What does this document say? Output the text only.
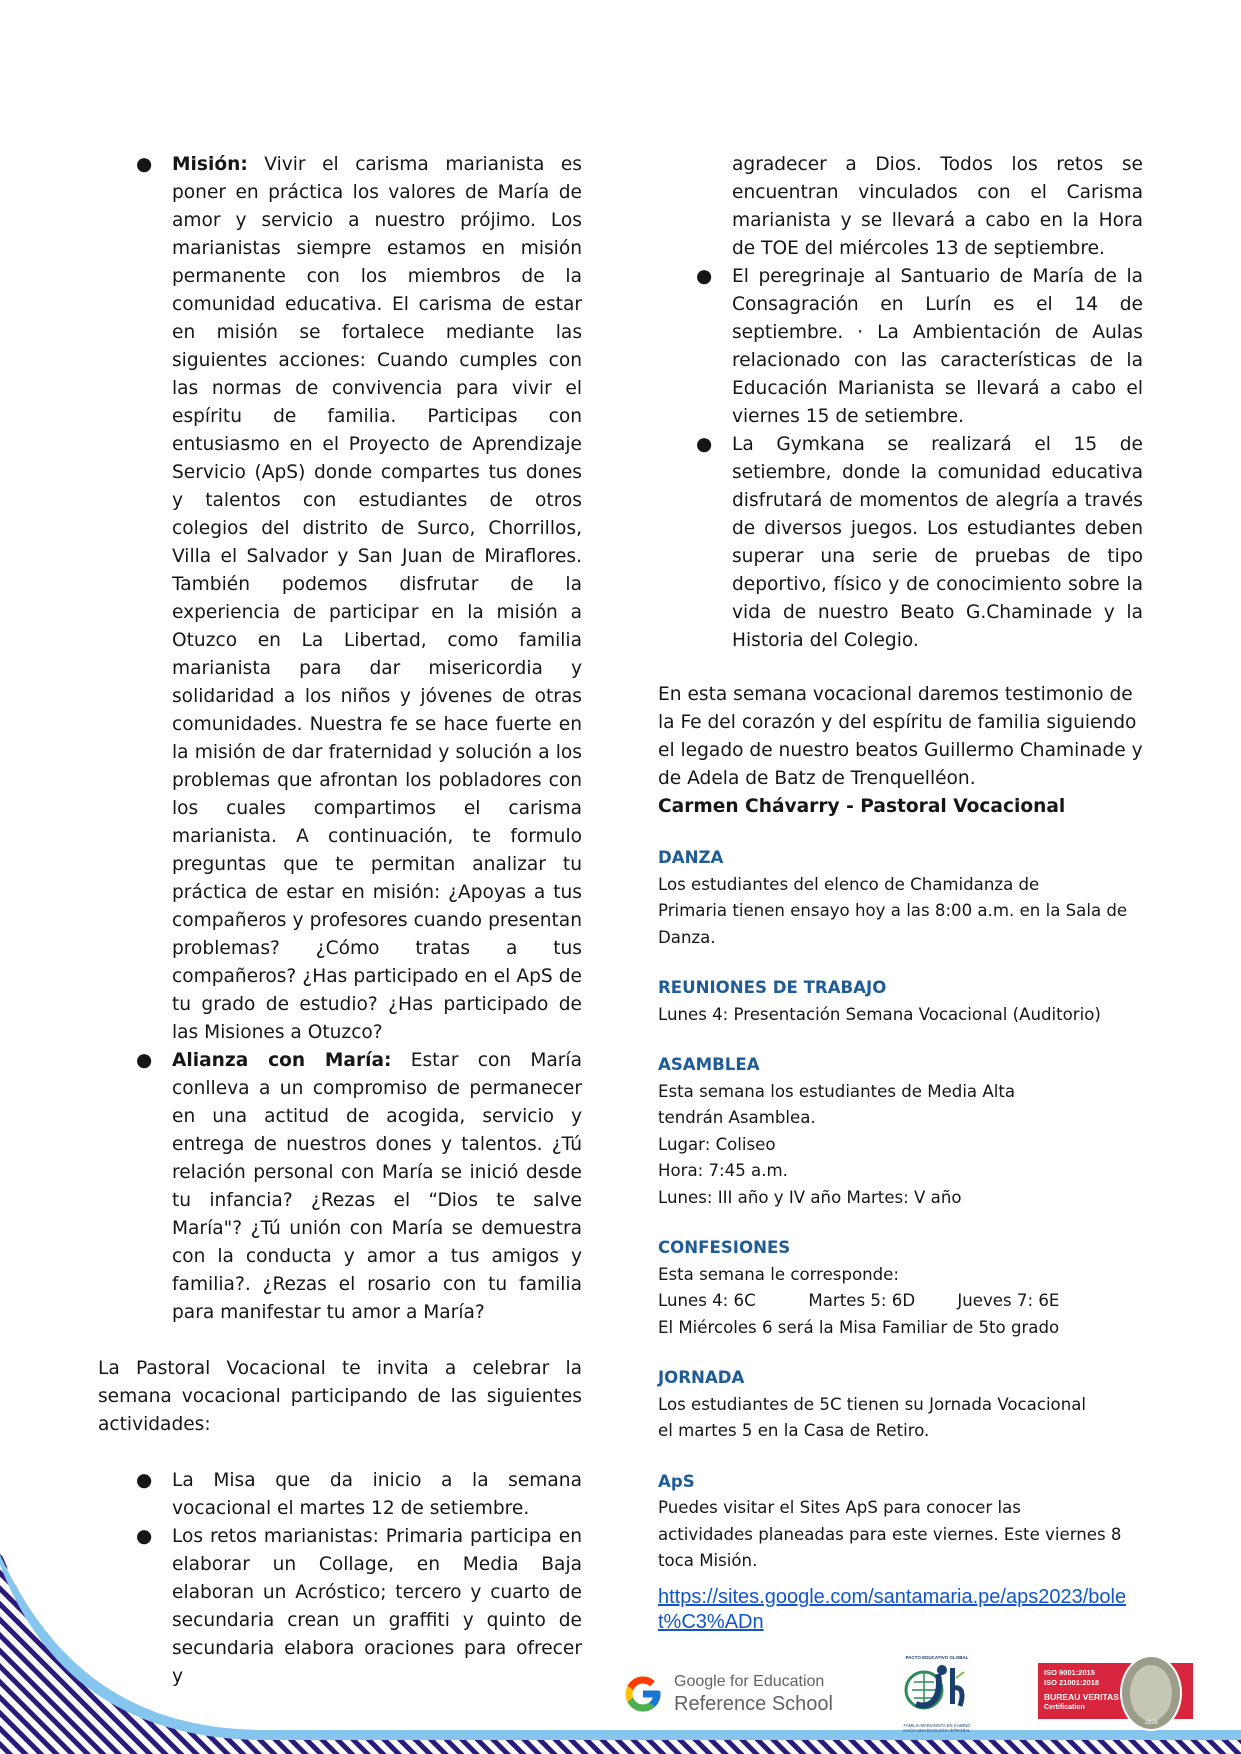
● Misión: Vivir el carisma marianista es poner en práctica los valores de María de amor y servicio a nuestro prójimo. Los marianistas siempre estamos en misión permanente con los miembros de la comunidad educativa. El carisma de estar en misión se fortalece mediante las siguientes acciones: Cuando cumples con las normas de convivencia para vivir el espíritu de familia. Participas con entusiasmo en el Proyecto de Aprendizaje Servicio (ApS) donde compartes tus dones y talentos con estudiantes de otros colegios del distrito de Surco, Chorrillos, Villa el Salvador y San Juan de Miraflores. También podemos disfrutar de la experiencia de participar en la misión a Otuzco en La Libertad, como familia marianista para dar misericordia y solidaridad a los niños y jóvenes de otras comunidades. Nuestra fe se hace fuerte en la misión de dar fraternidad y solución a los problemas que afrontan los pobladores con los cuales compartimos el carisma marianista. A continuación, te formulo preguntas que te permitan analizar tu práctica de estar en misión: ¿Apoyas a tus compañeros y profesores cuando presentan problemas? ¿Cómo tratas a tus compañeros? ¿Has participado en el ApS de tu grado de estudio? ¿Has participado de las Misiones a Otuzco?
● Alianza con María: Estar con María conlleva a un compromiso de permanecer en una actitud de acogida, servicio y entrega de nuestros dones y talentos. ¿Tú relación personal con María se inició desde tu infancia? ¿Rezas el “Dios te salve María"? ¿Tú unión con María se demuestra con la conducta y amor a tus amigos y familia?. ¿Rezas el rosario con tu familia para manifestar tu amor a María?
La Pastoral Vocacional te invita a celebrar la semana vocacional participando de las siguientes actividades:
● La Misa que da inicio a la semana vocacional el martes 12 de setiembre.
● Los retos marianistas: Primaria participa en elaborar un Collage, en Media Baja elaboran un Acróstico; tercero y cuarto de secundaria crean un graffiti y quinto de secundaria elabora oraciones para ofrecer y
agradecer a Dios. Todos los retos se encuentran vinculados con el Carisma marianista y se llevará a cabo en la Hora de TOE del miércoles 13 de septiembre.
● El peregrinaje al Santuario de María de la Consagración en Lurín es el 14 de septiembre. · La Ambientación de Aulas relacionado con las características de la Educación Marianista se llevará a cabo el viernes 15 de setiembre.
● La Gymkana se realizará el 15 de setiembre, donde la comunidad educativa disfrutará de momentos de alegría a través de diversos juegos. Los estudiantes deben superar una serie de pruebas de tipo deportivo, físico y de conocimiento sobre la vida de nuestro Beato G.Chaminade y la Historia del Colegio.
En esta semana vocacional daremos testimonio de la Fe del corazón y del espíritu de familia siguiendo el legado de nuestro beatos Guillermo Chaminade y de Adela de Batz de Trenquelléon.
Carmen Chávarry - Pastoral Vocacional
DANZA
Los estudiantes del elenco de Chamidanza de
Primaria tienen ensayo hoy a las 8:00 a.m. en la Sala de
Danza.
REUNIONES DE TRABAJO
Lunes 4: Presentación Semana Vocacional (Auditorio)
ASAMBLEA
Esta semana los estudiantes de Media Alta
tendrán Asamblea.
Lugar: Coliseo
Hora: 7:45 a.m.
Lunes: III año y IV año Martes: V año
CONFESIONES
Esta semana le corresponde:
Lunes 4: 6C          Martes 5: 6D        Jueves 7: 6E
El Miércoles 6 será la Misa Familiar de 5to grado
JORNADA
Los estudiantes de 5C tienen su Jornada Vocacional
el martes 5 en la Casa de Retiro.
ApS
Puedes visitar el Sites ApS para conocer las
actividades planeadas para este viernes. Este viernes 8
toca Misión.
https://sites.google.com/santamaria.pe/aps2023/bolet%C3%ADn
Google for Education
Reference School
PACTO EDUCATIVO GLOBAL
FAMILIA MARIANISTA EN CAMINO
HACIA UNA ECOLOGÍA INTEGRAL
ISO 9001:2015
ISO 21001:2018
BUREAU VERITAS
Certification
1828
